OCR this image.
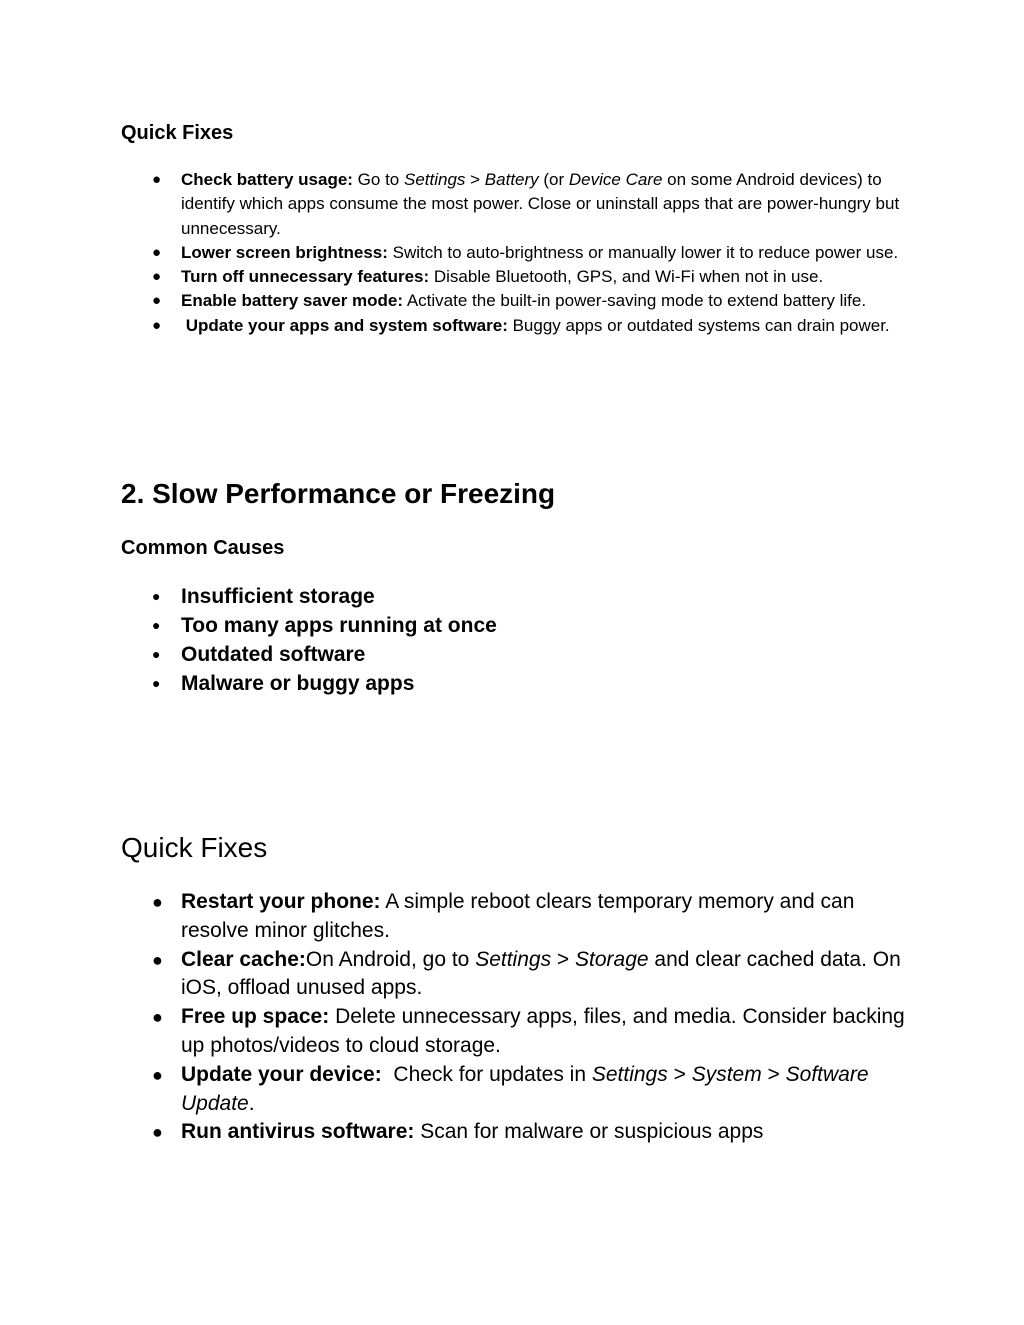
Quick Fixes
● Check battery usage: Go to Settings > Battery (or Device Care on some Android devices) to identify which apps consume the most power. Close or uninstall apps that are power-hungry but unnecessary.
● Lower screen brightness: Switch to auto-brightness or manually lower it to reduce power use.
● Turn off unnecessary features: Disable Bluetooth, GPS, and Wi-Fi when not in use.
● Enable battery saver mode: Activate the built-in power-saving mode to extend battery life.
● Update your apps and system software: Buggy apps or outdated systems can drain power.
2. Slow Performance or Freezing
Common Causes
● Insufficient storage
● Too many apps running at once
● Outdated software
● Malware or buggy apps
Quick Fixes
● Restart your phone: A simple reboot clears temporary memory and can resolve minor glitches.
● Clear cache:On Android, go to Settings > Storage and clear cached data. On iOS, offload unused apps.
● Free up space: Delete unnecessary apps, files, and media. Consider backing up photos/videos to cloud storage.
● Update your device:  Check for updates in Settings > System > Software Update.
● Run antivirus software: Scan for malware or suspicious apps
